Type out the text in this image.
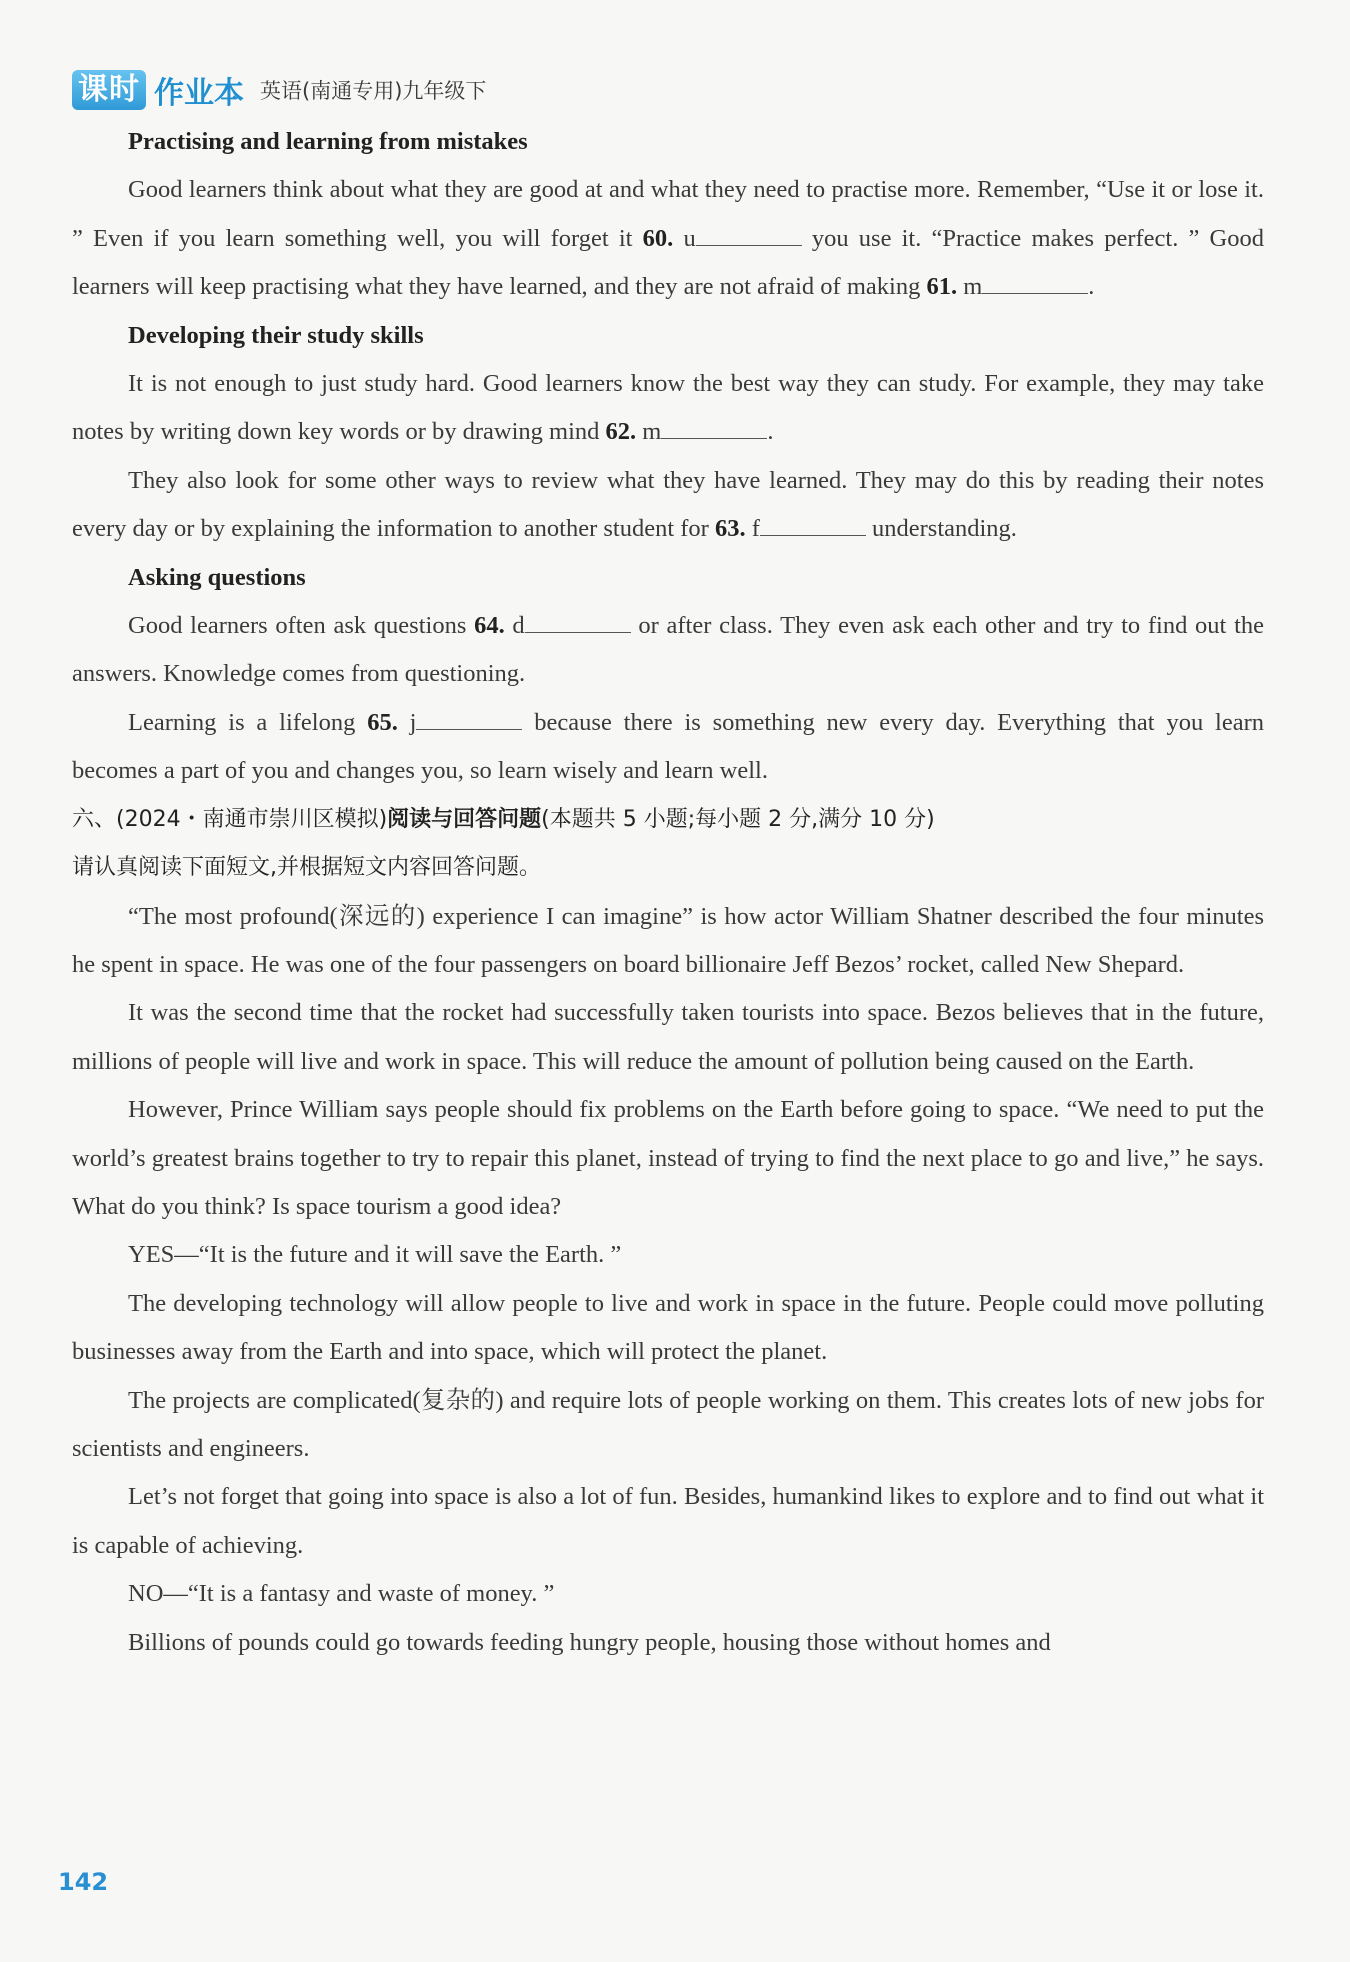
课时 作业本 英语(南通专用)九年级下

Practising and learning from mistakes

Good learners think about what they are good at and what they need to practise more. Remember, “Use it or lose it. ” Even if you learn something well, you will forget it 60. u	you use it. “Practice makes perfect. ” Good learners will keep practising what they have learned, and they are not afraid of making 61. m	.

Developing their study skills

It is not enough to just study hard. Good learners know the best way they can study. For example, they may take notes by writing down key words or by drawing mind 62. m	.

They also look for some other ways to review what they have learned. They may do this by reading their notes every day or by explaining the information to another student for 63. f	understanding.

Asking questions

Good learners often ask questions 64. d	or after class. They even ask each other and try to find out the answers. Knowledge comes from questioning.

Learning is a lifelong 65. j	because there is something new every day. Everything that you learn becomes a part of you and changes you, so learn wisely and learn well.

六、(2024・南通市崇川区模拟)阅读与回答问题(本题共 5 小题;每小题 2 分,满分 10 分)

请认真阅读下面短文,并根据短文内容回答问题。

“The most profound(深远的) experience I can imagine” is how actor William Shatner described the four minutes he spent in space. He was one of the four passengers on board billionaire Jeff Bezos’ rocket, called New Shepard.

It was the second time that the rocket had successfully taken tourists into space. Bezos believes that in the future, millions of people will live and work in space. This will reduce the amount of pollution being caused on the Earth.

However, Prince William says people should fix problems on the Earth before going to space. “We need to put the world’s greatest brains together to try to repair this planet, instead of trying to find the next place to go and live,” he says. What do you think? Is space tourism a good idea?

YES—“It is the future and it will save the Earth. ”

The developing technology will allow people to live and work in space in the future. People could move polluting businesses away from the Earth and into space, which will protect the planet.

The projects are complicated(复杂的) and require lots of people working on them. This creates lots of new jobs for scientists and engineers.

Let’s not forget that going into space is also a lot of fun. Besides, humankind likes to explore and to find out what it is capable of achieving.

NO—“It is a fantasy and waste of money. ”

Billions of pounds could go towards feeding hungry people, housing those without homes and

142
